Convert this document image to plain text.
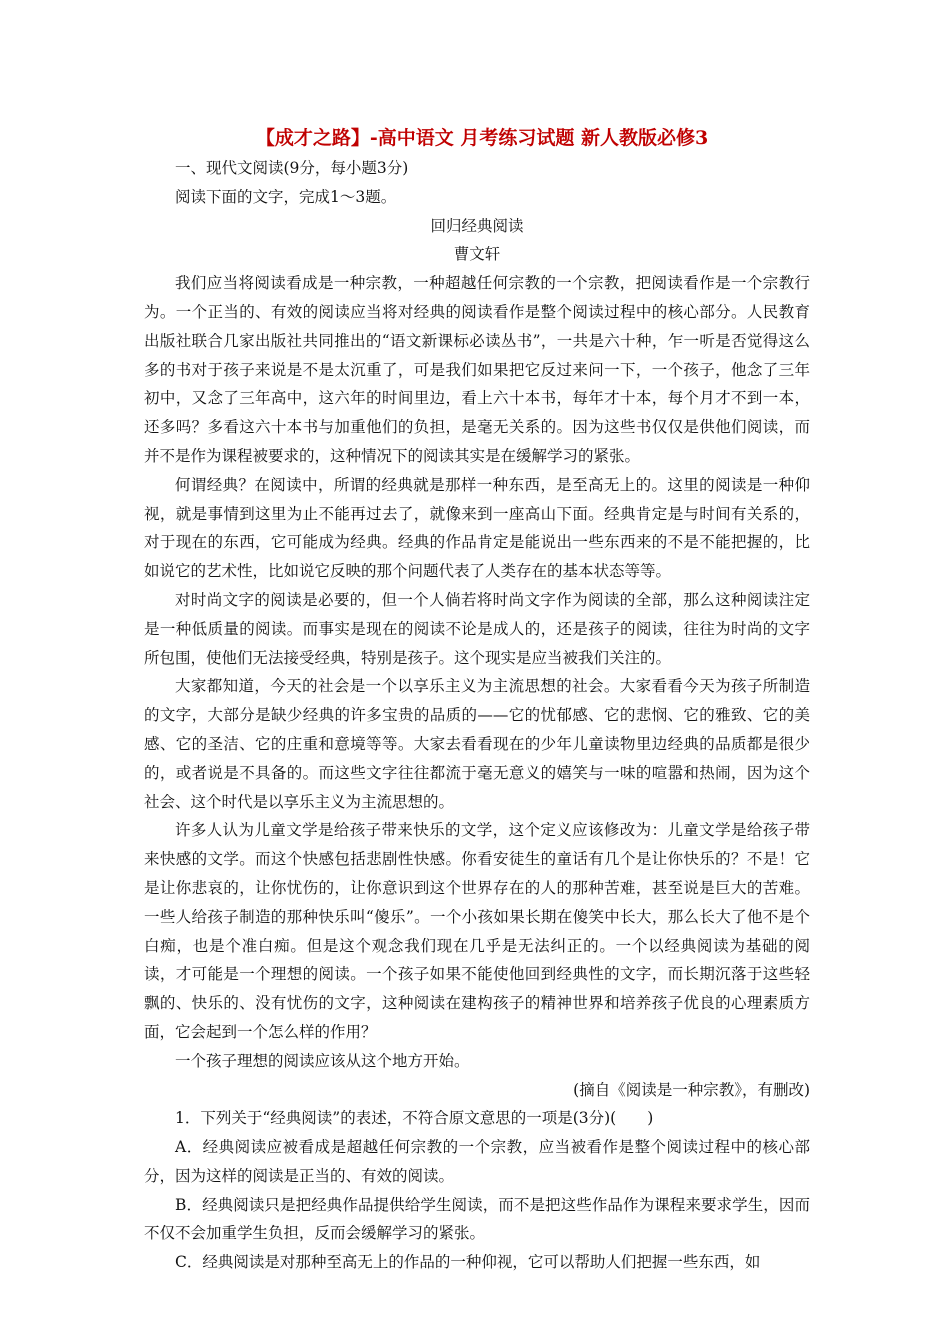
【成才之路】-高中语文 月考练习试题 新人教版必修3
一、现代文阅读(9分，每小题3分)
阅读下面的文字，完成1～3题。
回归经典阅读
曹文轩

我们应当将阅读看成是一种宗教，一种超越任何宗教的一个宗教，把阅读看作是一个宗教行为。一个正当的、有效的阅读应当将对经典的阅读看作是整个阅读过程中的核心部分。人民教育出版社联合几家出版社共同推出的“语文新课标必读丛书”，一共是六十种，乍一听是否觉得这么多的书对于孩子来说是不是太沉重了，可是我们如果把它反过来问一下，一个孩子，他念了三年初中，又念了三年高中，这六年的时间里边，看上六十本书，每年才十本，每个月才不到一本，还多吗？多看这六十本书与加重他们的负担，是毫无关系的。因为这些书仅仅是供他们阅读，而并不是作为课程被要求的，这种情况下的阅读其实是在缓解学习的紧张。

何谓经典？在阅读中，所谓的经典就是那样一种东西，是至高无上的。这里的阅读是一种仰视，就是事情到这里为止不能再过去了，就像来到一座高山下面。经典肯定是与时间有关系的，对于现在的东西，它可能成为经典。经典的作品肯定是能说出一些东西来的不是不能把握的，比如说它的艺术性，比如说它反映的那个问题代表了人类存在的基本状态等等。

对时尚文字的阅读是必要的，但一个人倘若将时尚文字作为阅读的全部，那么这种阅读注定是一种低质量的阅读。而事实是现在的阅读不论是成人的，还是孩子的阅读，往往为时尚的文字所包围，使他们无法接受经典，特别是孩子。这个现实是应当被我们关注的。

大家都知道，今天的社会是一个以享乐主义为主流思想的社会。大家看看今天为孩子所制造的文字，大部分是缺少经典的许多宝贵的品质的——它的忧郁感、它的悲悯、它的雅致、它的美感、它的圣洁、它的庄重和意境等等。大家去看看现在的少年儿童读物里边经典的品质都是很少的，或者说是不具备的。而这些文字往往都流于毫无意义的嬉笑与一味的喧嚣和热闹，因为这个社会、这个时代是以享乐主义为主流思想的。

许多人认为儿童文学是给孩子带来快乐的文学，这个定义应该修改为：儿童文学是给孩子带来快感的文学。而这个快感包括悲剧性快感。你看安徒生的童话有几个是让你快乐的？不是！它是让你悲哀的，让你忧伤的，让你意识到这个世界存在的人的那种苦难，甚至说是巨大的苦难。一些人给孩子制造的那种快乐叫“傻乐”。一个小孩如果长期在傻笑中长大，那么长大了他不是个白痴，也是个准白痴。但是这个观念我们现在几乎是无法纠正的。一个以经典阅读为基础的阅读，才可能是一个理想的阅读。一个孩子如果不能使他回到经典性的文字，而长期沉落于这些轻飘的、快乐的、没有忧伤的文字，这种阅读在建构孩子的精神世界和培养孩子优良的心理素质方面，它会起到一个怎么样的作用？

一个孩子理想的阅读应该从这个地方开始。

(摘自《阅读是一种宗教》，有删改)

1．下列关于“经典阅读”的表述，不符合原文意思的一项是(3分)(　　)

A．经典阅读应被看成是超越任何宗教的一个宗教，应当被看作是整个阅读过程中的核心部分，因为这样的阅读是正当的、有效的阅读。

B．经典阅读只是把经典作品提供给学生阅读，而不是把这些作品作为课程来要求学生，因而不仅不会加重学生负担，反而会缓解学习的紧张。

C．经典阅读是对那种至高无上的作品的一种仰视，它可以帮助人们把握一些东西，如
